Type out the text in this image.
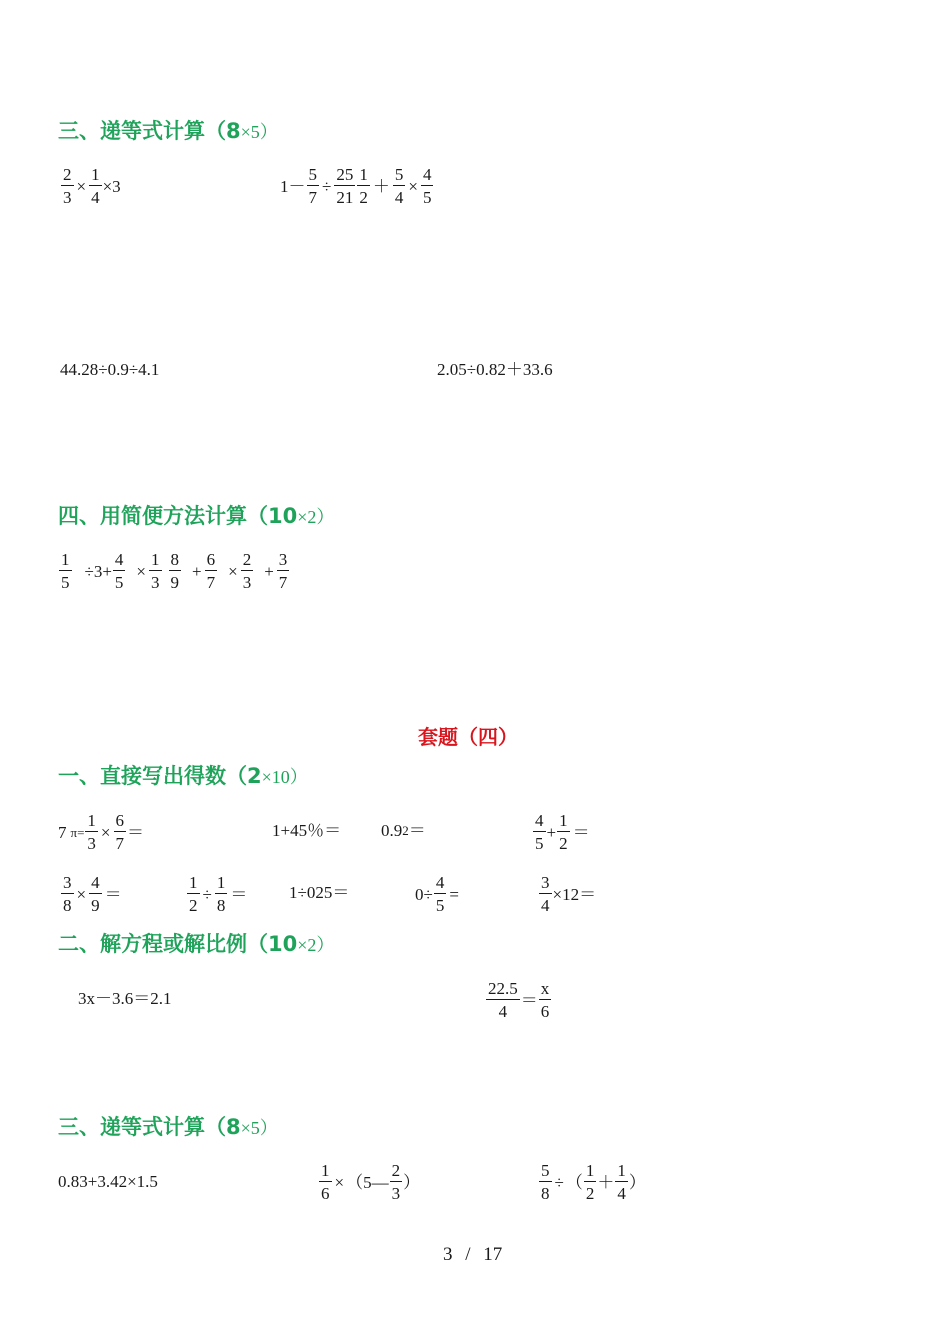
三、递等式计算（8×5）
$\frac{2}{3} \times \frac{1}{4} \times 3$	$1- \frac{5}{7} \div \frac{25}{21} \frac{1}{2} + \frac{5}{4} \times \frac{4}{5}$
44.28÷0.9÷4.1	2.05÷0.82＋33.6
四、用简便方法计算（10×2）
$\frac{1}{5} \div 3+ \frac{4}{5} \times \frac{1}{3} \frac{8}{9} + \frac{6}{7} \times \frac{2}{3} + \frac{3}{7}$
套题（四）
一、直接写出得数（2×10）
7 $\pi = \frac{1}{3} \times \frac{6}{7}$ ＝	1+45％＝ 0.9 2 ＝	$\frac{4}{5} + \frac{1}{2}$ ＝
$\frac{3}{8} \times \frac{4}{9}$ ＝	$\frac{1}{2} \div \frac{1}{8} = 1\div 025=$	$0\div \frac{4}{5}$ =	$\frac{3}{4} \times 12=$
二、解方程或解比例（10×2）
3x－3.6＝2.1	$\frac{22.5}{4} = \frac{x}{6}$
三、递等式计算（8×5）
0.83+3.42×1.5	$\frac{1}{6}$ × （5— $\frac{2}{3}$ ）	$\frac{5}{8}$ ÷ （ $\frac{1}{2} + \frac{1}{4}$ ）
3 / 17
